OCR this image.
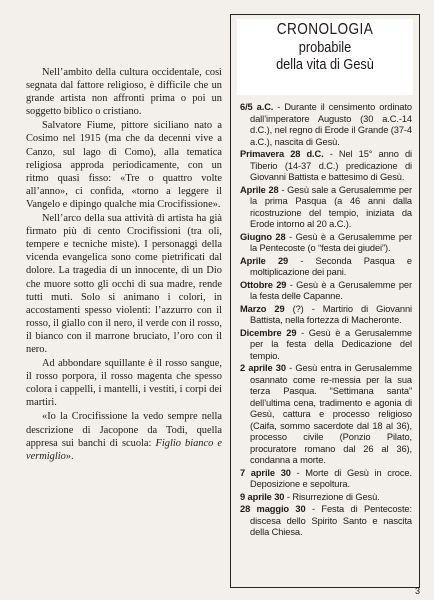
Nell’ambito della cultura occidentale, così segnata dal fattore religioso, è difficile che un grande artista non affronti prima o poi un soggetto biblico o cristiano.

Salvatore Fiume, pittore siciliano nato a Cosimo nel 1915 (ma che da decenni vive a Canzo, sul lago di Como), alla tematica religiosa approda periodicamente, con un ritmo quasi fisso: «Tre o quattro volte all’anno», ci confida, «torno a leggere il Vangelo e dipingo qualche mia Crocifissione».

Nell’arco della sua attività di artista ha già firmato più di cento Crocifissioni (tra oli, tempere e tecniche miste). I personaggi della vicenda evangelica sono come pietrificati dal dolore. La tragedia di un innocente, di un Dio che muore sotto gli occhi di sua madre, rende tutti muti. Solo si animano i colori, in accostamenti spesso violenti: l’azzurro con il rosso, il giallo con il nero, il verde con il rosso, il bianco con il marrone bruciato, l’oro con il nero.

Ad abbondare squillante è il rosso sangue, il rosso porpora, il rosso magenta che spesso colora i cappelli, i mantelli, i vestiti, i corpi dei martiri.

«Io la Crocifissione la vedo sempre nella descrizione di Jacopone da Todi, quella appresa sui banchi di scuola: Figlio bianco e vermiglio».

CRONOLOGIA
probabile
della vita di Gesù

6/5 a.C. - Durante il censimento ordinato dall’imperatore Augusto (30 a.C.-14 d.C.), nel regno di Erode il Grande (37-4 a.C.), nascita di Gesù.

Primavera 28 d.C. - Nel 15° anno di Tiberio (14-37 d.C.) predicazione di Giovanni Battista e battesimo di Gesù.

Aprile 28 - Gesù sale a Gerusalemme per la prima Pasqua (a 46 anni dalla ricostruzione del tempio, iniziata da Erode intorno al 20 a.C.).

Giugno 28 - Gesù è a Gerusalemme per la Pentecoste (o “festa dei giudei”).

Aprile 29 - Seconda Pasqua e moltiplicazione dei pani.

Ottobre 29 - Gesù è a Gerusalemme per la festa delle Capanne.

Marzo 29 (?) - Martirio di Giovanni Battista, nella fortezza di Macheronte.

Dicembre 29 - Gesù è a Gerusalemme per la festa della Dedicazione del tempio.

2 aprile 30 - Gesù entra in Gerusalemme osannato come re-messia per la sua terza Pasqua. “Settimana santa” dell’ultima cena, tradimento e agonia di Gesù, cattura e processo religioso (Caifa, sommo sacerdote dal 18 al 36), processo civile (Ponzio Pilato, procuratore romano dal 26 al 36), condanna a morte.

7 aprile 30 - Morte di Gesù in croce. Deposizione e sepoltura.

9 aprile 30 - Risurrezione di Gesù.

28 maggio 30 - Festa di Pentecoste: discesa dello Spirito Santo e nascita della Chiesa.

3
